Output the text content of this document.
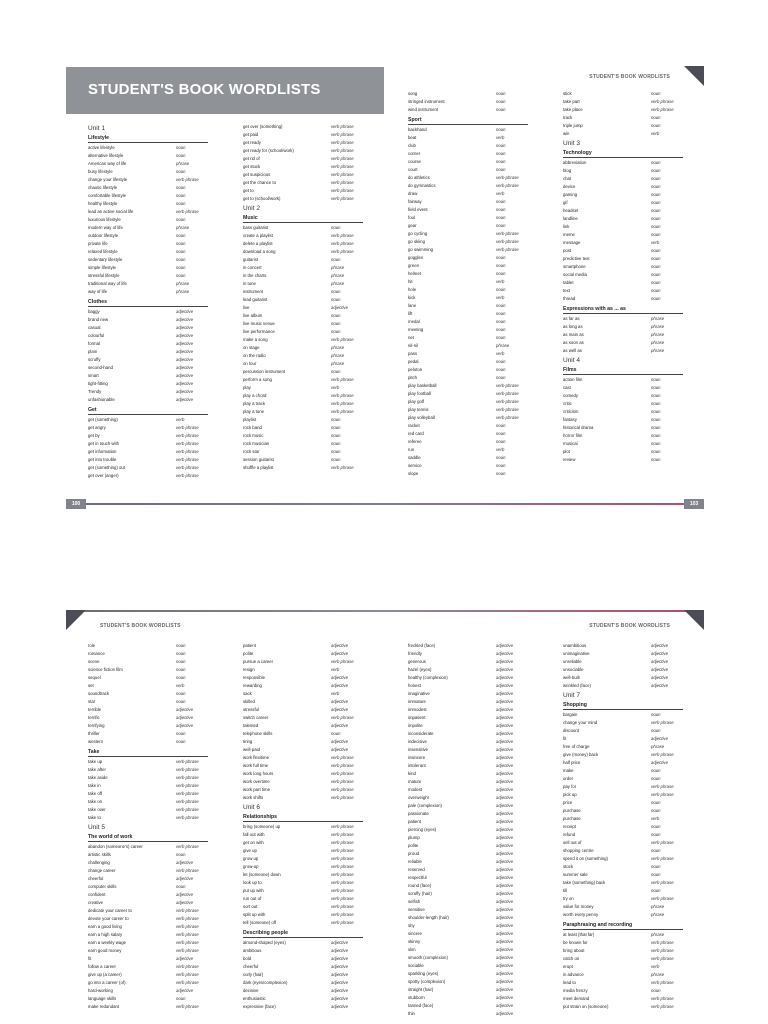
STUDENT'S BOOK WORDLISTS
STUDENT'S BOOK WORDLISTS
Unit 1
Lifestyle
active lifestyle	noun
alternative lifestyle	noun
American way of life	phrase
busy lifestyle	noun
change your lifestyle	verb phrase
chaotic lifestyle	noun
comfortable lifestyle	noun
healthy lifestyle	noun
lead an active social life	verb phrase
luxurious lifestyle	noun
modern way of life	phrase
outdoor lifestyle	noun
private life	noun
relaxed lifestyle	noun
sedentary lifestyle	noun
simple lifestyle	noun
stressful lifestyle	noun
traditional way of life	phrase
way of life	phrase
Clothes
baggy	adjective
brand new	adjective
casual	adjective
colourful	adjective
formal	adjective
plain	adjective
scruffy	adjective
second-hand	adjective
smart	adjective
tight-fitting	adjective
Trendy	adjective
unfashionable	adjective
Get
get (something)	verb
get angry	verb phrase
get by	verb phrase
get in touch with	verb phrase
get information	verb phrase
get into trouble	verb phrase
get (something) out	verb phrase
get over (anger)	verb phrase
get over (something)	verb phrase
get paid	verb phrase
get ready	verb phrase
get ready for (school/work)	verb phrase
get rid of	verb phrase
get stuck	verb phrase
get suspicious	verb phrase
get the chance to	verb phrase
get to	verb phrase
get to (school/work)	verb phrase
Unit 2
Music
bass guitarist	noun
create a playlist	verb phrase
delete a playlist	verb phrase
download a song	verb phrase
guitarist	noun
in concert	phrase
in the charts	phrase
in tune	phrase
instrument	noun
lead guitarist	noun
live	adjective
live album	noun
live music venue	noun
live performance	noun
make a song	verb phrase
on stage	phrase
on the radio	phrase
on tour	phrase
percussion instrument	noun
perform a song	verb phrase
play	verb
play a chord	verb phrase
play a track	verb phrase
play a tune	verb phrase
playlist	noun
rock band	noun
rock music	noun
rock musician	noun
rock star	noun
session guitarist	noun
shuffle a playlist	verb phrase
song	noun
stringed instrument	noun
wind instrument	noun
Sport
backhand	noun
beat	verb
club	noun
corner	noun
course	noun
court	noun
do athletics	verb phrase
do gymnastics	verb phrase
draw	verb
fairway	noun
field event	noun
foul	noun
gear	noun
go cycling	verb phrase
go skiing	verb phrase
go swimming	verb phrase
goggles	noun
green	noun
helmet	noun
hit	verb
hole	noun
kick	verb
lane	noun
lift	noun
medal	noun
meeting	noun
net	noun
nil-nil	phrase
pass	verb
pedal	noun
peloton	noun
pitch	noun
play basketball	verb phrase
play football	verb phrase
play golf	verb phrase
play tennis	verb phrase
play volleyball	verb phrase
racket	noun
red card	noun
referee	noun
run	verb
saddle	noun
service	noun
slope	noun
stick	noun
take part	verb phrase
take place	verb phrase
track	noun
triple jump	noun
win	verb
Unit 3
Technology
abbreviation	noun
blog	noun
chat	noun
device	noun
gaming	noun
gif	noun
headset	noun
landline	noun
link	noun
meme	noun
message	verb
post	noun
predictive text	noun
smartphone	noun
social media	noun
tablet	noun
text	noun
thread	noun
Expressions with as ... as
as far as	phrase
as long as	phrase
as main as	phrase
as soon as	phrase
as well as	phrase
Unit 4
Films
action film	noun
cast	noun
comedy	noun
critic	noun
criticism	noun
fantasy	noun
historical drama	noun
horror film	noun
musical	noun
plot	noun
review	noun
100	103
STUDENT'S BOOK WORDLISTS	STUDENT'S BOOK WORDLISTS
role	noun
romance	noun
scene	noun
science fiction film	noun
sequel	noun
set	verb
soundtrack	noun
star	noun
terrible	adjective
terrific	adjective
terrifying	adjective
thriller	noun
western	noun
Take
take up	verb phrase
take after	verb phrase
take aside	verb phrase
take in	verb phrase
take off	verb phrase
take on	verb phrase
take over	verb phrase
take to	verb phrase
Unit 5
The world of work
abandon (someone's) career	verb phrase
artistic skills	noun
challenging	adjective
change career	verb phrase
cheerful	adjective
computer skills	noun
confident	adjective
creative	adjective
dedicate your career to	verb phrase
devote your career to	verb phrase
earn a good living	verb phrase
earn a high salary	verb phrase
earn a weekly wage	verb phrase
earn good money	verb phrase
fit	adjective
follow a career	verb phrase
give up (a career)	verb phrase
go into a career (of)	verb phrase
hard-working	adjective
language skills	noun
make redundant	verb phrase
patient	adjective
polite	adjective
pursue a career	verb phrase
resign	verb
responsible	adjective
rewarding	adjective
sack	verb
skilled	adjective
stressful	adjective
switch career	verb phrase
talented	adjective
telephone skills	noun
tiring	adjective
well-paid	adjective
work flexitime	verb phrase
work full time	verb phrase
work long hours	verb phrase
work overtime	verb phrase
work part time	verb phrase
work shifts	verb phrase
Unit 6
Relationships
bring (someone) up	verb phrase
fall out with	verb phrase
get on with	verb phrase
give up	verb phrase
grow up	verb phrase
grow-up	verb phrase
let (someone) down	verb phrase
look up to	verb phrase
put up with	verb phrase
run out of	verb phrase
sort out	verb phrase
split up with	verb phrase
tell (someone) off	verb phrase
Describing people
almond-shaped (eyes)	adjective
ambitious	adjective
bold	adjective
cheerful	adjective
curly (hair)	adjective
dark (eyes/complexion)	adjective
decisive	adjective
enthusiastic	adjective
expressive (face)	adjective
freckled (face)	adjective
friendly	adjective
generous	adjective
hazel (eyes)	adjective
healthy (complexion)	adjective
honest	adjective
imaginative	adjective
immature	adjective
immodest	adjective
impatient	adjective
impolite	adjective
inconsiderate	adjective
indecisive	adjective
insensitive	adjective
insincere	adjective
intolerant	adjective
kind	adjective
mature	adjective
modest	adjective
overweight	adjective
pale (complexion)	adjective
passionate	adjective
patient	adjective
piercing (eyes)	adjective
plump	adjective
polite	adjective
proud	adjective
reliable	adjective
reserved	adjective
respectful	adjective
round (face)	adjective
scruffy (hair)	adjective
selfish	adjective
sensitive	adjective
shoulder-length (hair)	adjective
shy	adjective
sincere	adjective
skinny	adjective
slim	adjective
smooth (complexion)	adjective
sociable	adjective
sparkling (eyes)	adjective
spotty (complexion)	adjective
straight (hair)	adjective
stubborn	adjective
tanned (face)	adjective
thin	adjective
unambitious	adjective
unimaginative	adjective
unreliable	adjective
unsociable	adjective
well-built	adjective
wrinkled (face)	adjective
Unit 7
Shopping
bargain	noun
change your mind	verb phrase
discount	noun
fit	adjective
free of charge	phrase
give (money) back	verb phrase
half price	adjective
make	noun
order	noun
pay for	verb phrase
pick up	verb phrase
price	noun
purchase	noun
purchase	verb
receipt	noun
refund	noun
sell out of	verb phrase
shopping centre	noun
spend it on (something)	verb phrase
stock	noun
summer sale	noun
take (something) back	verb phrase
till	noun
try on	verb phrase
value for money	phrase
worth every penny	phrase
Paraphrasing and recording
at least (that far)	phrase
be known for	verb phrase
bring about	verb phrase
catch on	verb phrase
erupt	verb
in advance	phrase
lead to	verb phrase
media frenzy	noun
meet demand	verb phrase
put strain on (someone)	verb phrase
